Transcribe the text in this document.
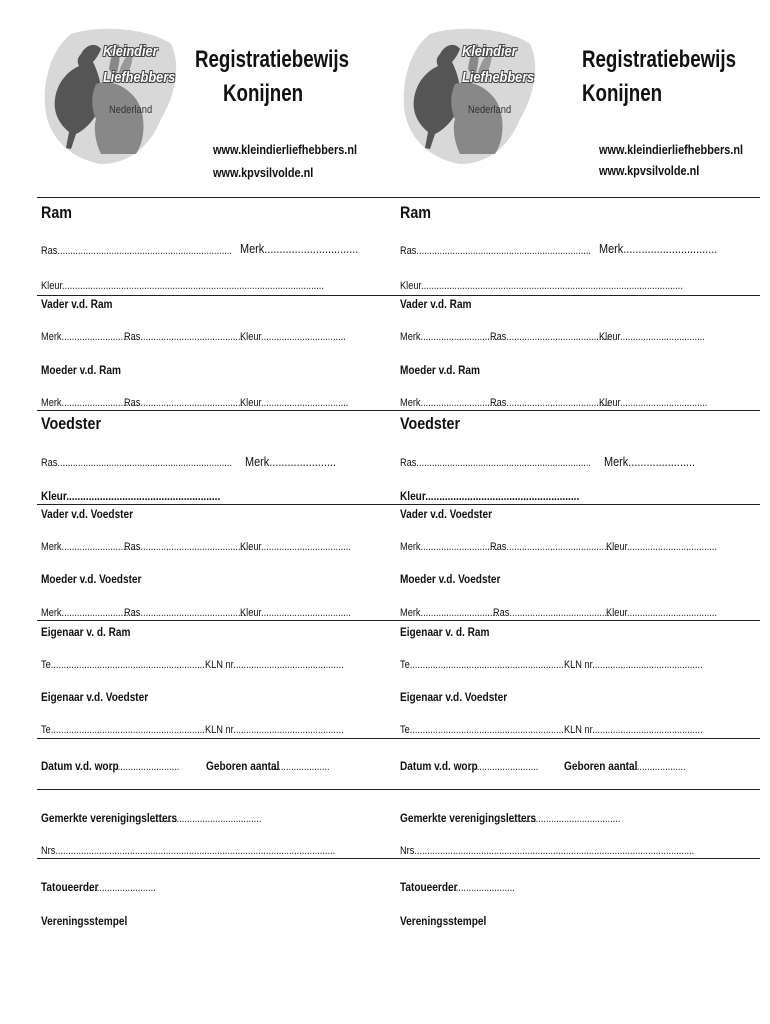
Kleindier
Liefhebbers
Nederland
Registratiebewijs
Konijnen
www.kleindierliefhebbers.nl
www.kpvsilvolde.nl
Ram
Ras.................................................................... Merk...............................
Kleur......................................................................................................
Vader v.d. Ram
Merk..............................
Ras........................................
Kleur.................................
Moeder v.d. Ram
Merk..............................
Ras........................................
Kleur..................................
Voedster
Ras.................................................................... Merk......................
Kleur.......................................................
Vader v.d. Voedster
Merk..............................
Ras...........................................
Kleur...................................
Moeder v.d. Voedster
Merk..............................
Ras.........................................
Kleur...................................
Eigenaar v. d. Ram
Te............................................................ KLN nr...........................................
Eigenaar v.d. Voedster
Te............................................................ KLN nr...........................................
Datum v.d. worp
........................... Geboren aantal
........................
Gemerkte verenigingsletters
...........................................
Nrs.............................................................................................................
Tatoueerder
..........................
Vereningsstempel
Kleindier
Liefhebbers
Nederland
Registratiebewijs
Konijnen
www.kleindierliefhebbers.nl
www.kpvsilvolde.nl
Ram
Ras.................................................................... Merk...............................
Kleur......................................................................................................
Vader v.d. Ram
Merk..............................
Ras........................................
Kleur.................................
Moeder v.d. Ram
Merk..............................
Ras........................................
Kleur..................................
Voedster
Ras.................................................................... Merk......................
Kleur.......................................................
Vader v.d. Voedster
Merk..............................
Ras...........................................
Kleur...................................
Moeder v.d. Voedster
Merk..............................
Ras.........................................
Kleur...................................
Eigenaar v. d. Ram
Te............................................................ KLN nr...........................................
Eigenaar v.d. Voedster
Te............................................................ KLN nr...........................................
Datum v.d. worp
........................... Geboren aantal
........................
Gemerkte verenigingsletters
...........................................
Nrs.............................................................................................................
Tatoueerder
..........................
Vereningsstempel
